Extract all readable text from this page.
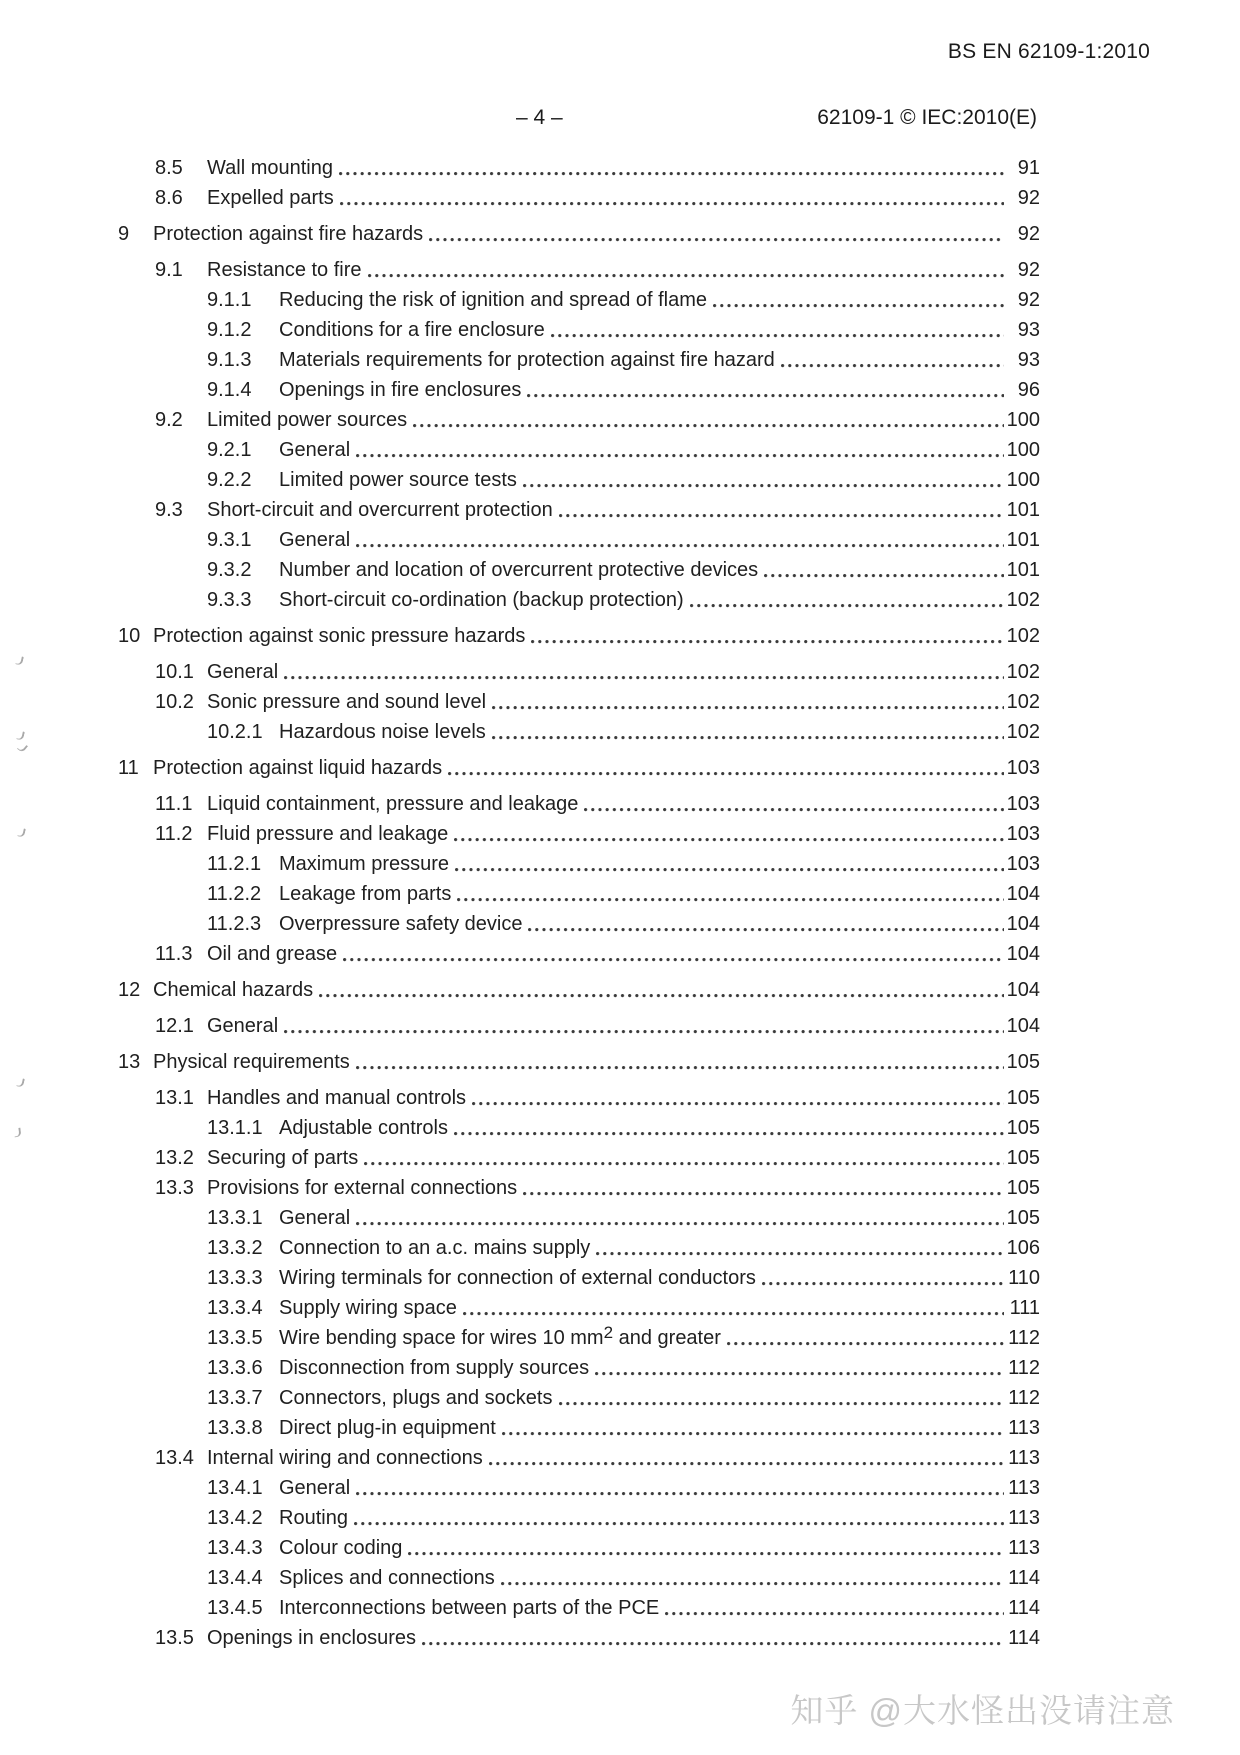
BS EN 62109-1:2010
– 4 –	62109-1 © IEC:2010(E)
8.5	Wall mounting	91
8.6	Expelled parts	92
9	Protection against fire hazards	92
9.1	Resistance to fire	92
9.1.1	Reducing the risk of ignition and spread of flame	92
9.1.2	Conditions for a fire enclosure	93
9.1.3	Materials requirements for protection against fire hazard	93
9.1.4	Openings in fire enclosures	96
9.2	Limited power sources	100
9.2.1	General	100
9.2.2	Limited power source tests	100
9.3	Short-circuit and overcurrent protection	101
9.3.1	General	101
9.3.2	Number and location of overcurrent protective devices	101
9.3.3	Short-circuit co-ordination (backup protection)	102
10 Protection against sonic pressure hazards	102
10.1 General	102
10.2 Sonic pressure and sound level	102
10.2.1 Hazardous noise levels	102
11 Protection against liquid hazards	103
11.1 Liquid containment, pressure and leakage	103
11.2 Fluid pressure and leakage	103
11.2.1 Maximum pressure	103
11.2.2 Leakage from parts	104
11.2.3 Overpressure safety device	104
11.3 Oil and grease	104
12 Chemical hazards	104
12.1 General	104
13 Physical requirements	105
13.1 Handles and manual controls	105
13.1.1 Adjustable controls	105
13.2 Securing of parts	105
13.3 Provisions for external connections	105
13.3.1 General	105
13.3.2 Connection to an a.c. mains supply	106
13.3.3 Wiring terminals for connection of external conductors	110
13.3.4 Supply wiring space	111
13.3.5 Wire bending space for wires 10 $mm^2$ and greater	112
13.3.6 Disconnection from supply sources	112
13.3.7 Connectors, plugs and sockets	112
13.3.8 Direct plug-in equipment	113
13.4 Internal wiring and connections	113
13.4.1 General	113
13.4.2 Routing	113
13.4.3 Colour coding	113
13.4.4 Splices and connections	114
13.4.5 Interconnections between parts of the PCE	114
13.5 Openings in enclosures	114
知乎 @大水怪出没请注意
